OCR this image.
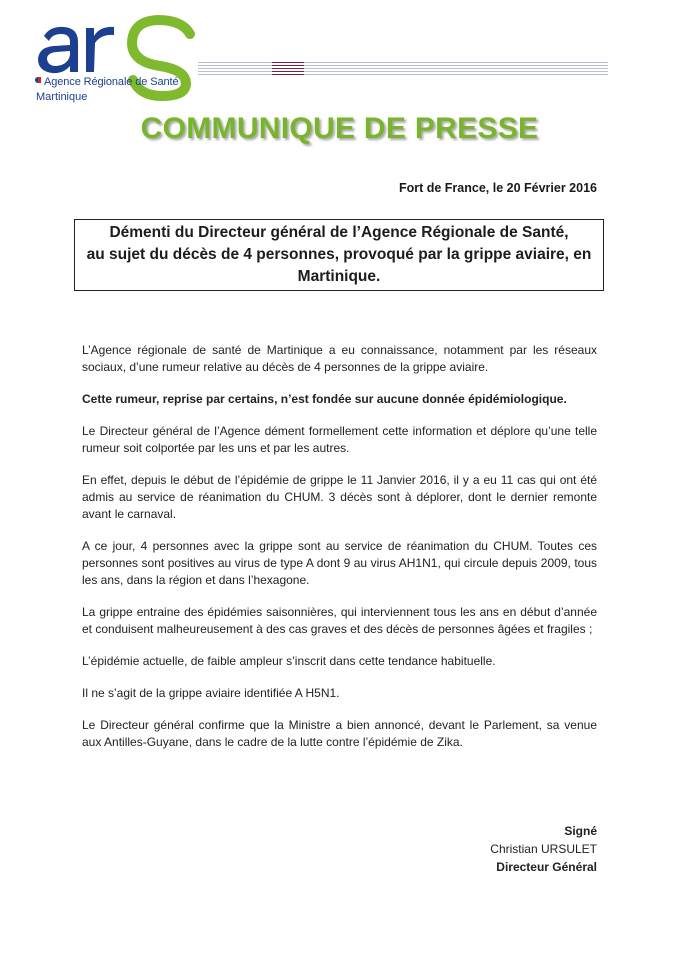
Agence Régionale de Santé
Martinique
COMMUNIQUE DE PRESSE
Fort de France, le 20 Février 2016
Démenti du Directeur général de l’Agence Régionale de Santé,
au sujet du décès de 4 personnes, provoqué par la grippe aviaire, en
Martinique.

L’Agence régionale de santé de Martinique a eu connaissance, notamment par les réseaux sociaux, d’une rumeur relative au décès de 4 personnes de la grippe aviaire.

Cette rumeur, reprise par certains, n’est fondée sur aucune donnée épidémiologique.

Le Directeur général de l’Agence dément formellement cette information et déplore qu’une telle rumeur soit colportée par les uns et par les autres.

En effet, depuis le début de l’épidémie de grippe le 11 Janvier 2016, il y a eu 11 cas qui ont été admis au service de réanimation du CHUM. 3 décès sont à déplorer, dont le dernier remonte avant le carnaval.

A ce jour, 4 personnes avec la grippe sont au service de réanimation du CHUM. Toutes ces personnes sont positives au virus de type A dont 9 au virus AH1N1, qui circule depuis 2009, tous les ans, dans la région et dans l’hexagone.

La grippe entraine des épidémies saisonnières, qui interviennent tous les ans en début d’année et conduisent malheureusement à des cas graves et des décès de personnes âgées et fragiles ;

L’épidémie actuelle, de faible ampleur s’inscrit dans cette tendance habituelle.

Il ne s’agit de la grippe aviaire identifiée A H5N1.

Le Directeur général confirme que la Ministre a bien annoncé, devant le Parlement, sa venue aux Antilles-Guyane, dans le cadre de la lutte contre l’épidémie de Zika.

Signé
Christian URSULET
Directeur Général
